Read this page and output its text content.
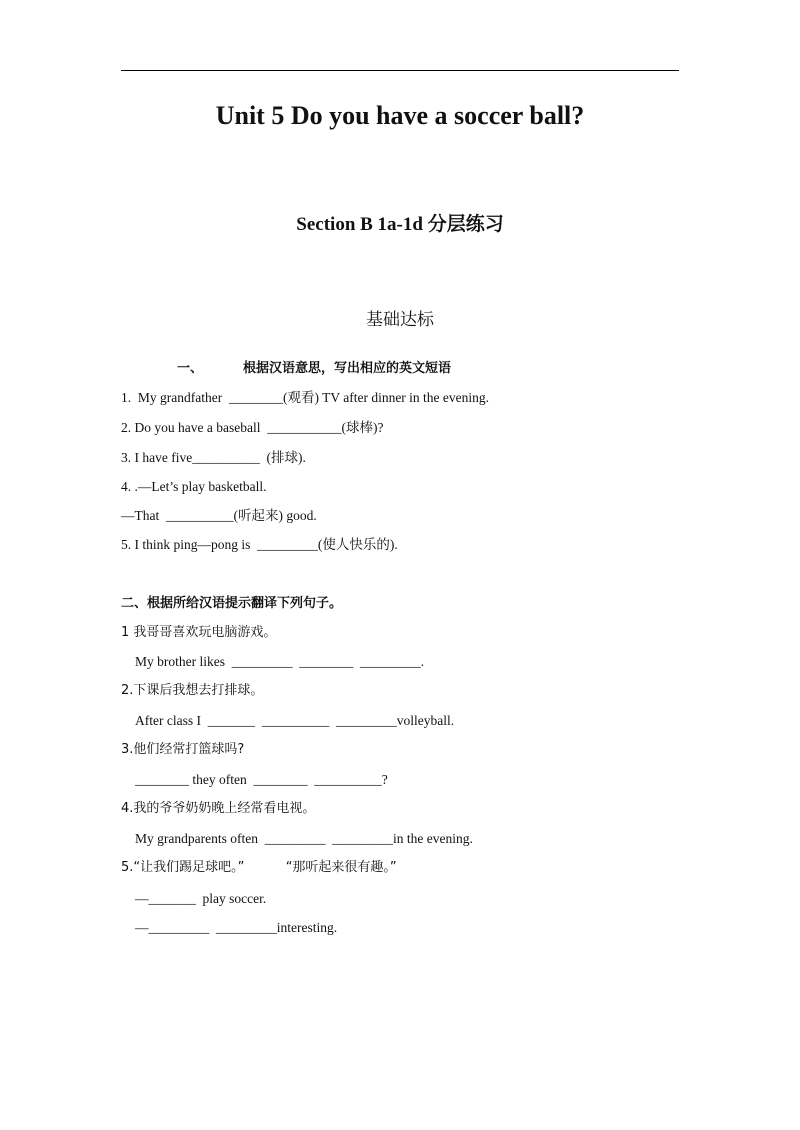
Unit 5 Do you have a soccer ball?
Section B 1a-1d 分层练习
基础达标
一、	根据汉语意思，写出相应的英文短语
1.  My grandfather  ________(观看) TV after dinner in the evening.
2. Do you have a baseball  ___________(球棒)?
3. I have five__________  (排球).
4. .—Let’s play basketball.
—That  __________(听起来) good.
5. I think ping—pong is  _________(使人快乐的).
二、根据所给汉语提示翻译下列句子。
1 我哥哥喜欢玩电脑游戏。
My brother likes  _________  ________  _________.
2.下课后我想去打排球。
After class I  _______  __________  _________volleyball.
3.他们经常打篮球吗?
________ they often  ________  __________?
4.我的爷爷奶奶晚上经常看电视。
My grandparents often  _________  _________in the evening.
5.“让我们踢足球吧。”          “那听起来很有趣。”
—_______  play soccer.
—_________  _________interesting.
